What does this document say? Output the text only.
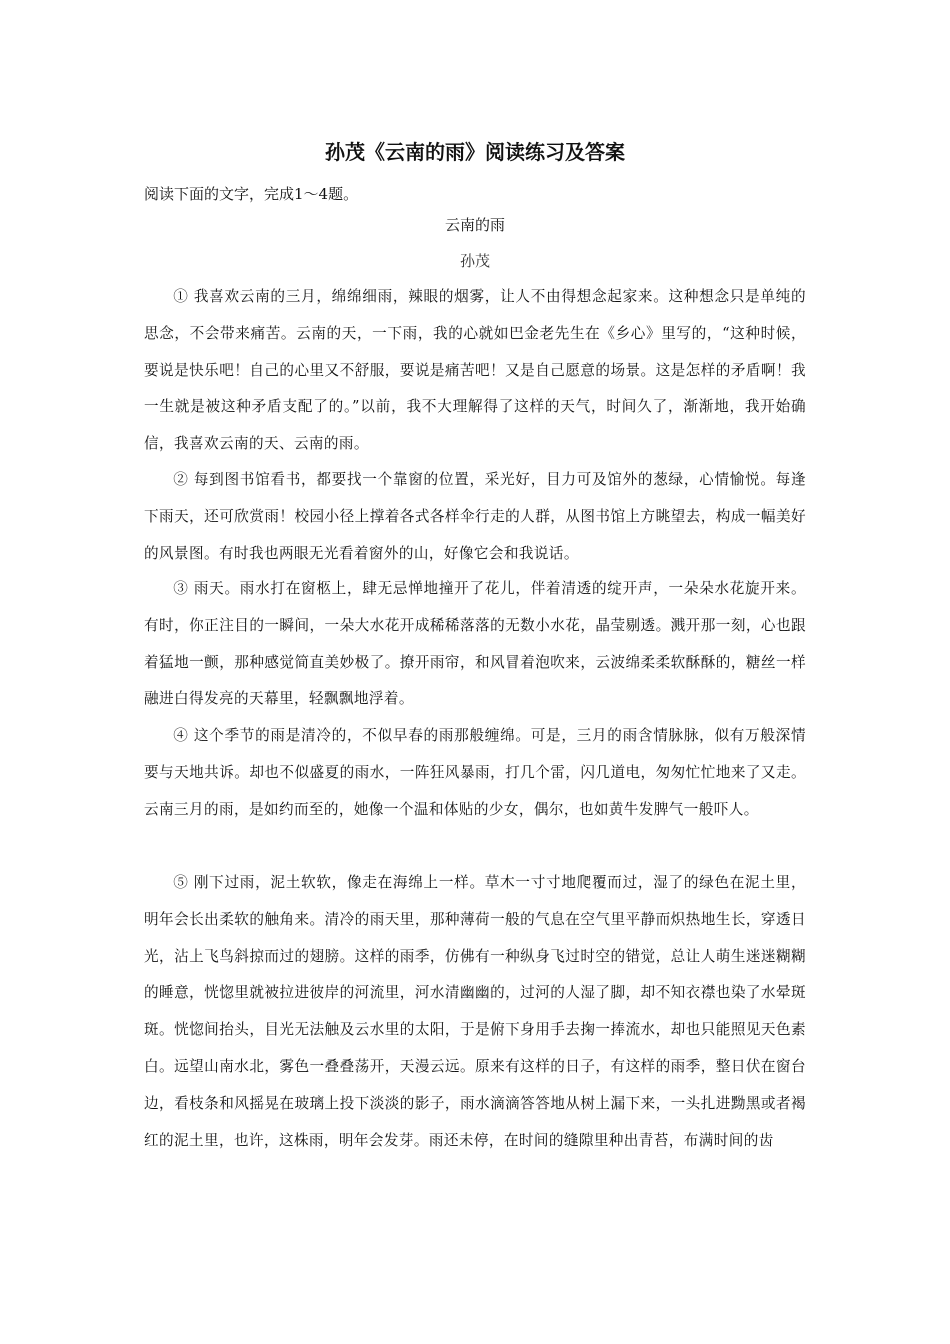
孙茂《云南的雨》阅读练习及答案
阅读下面的文字，完成1～4题。
云南的雨
孙茂

① 我喜欢云南的三月，绵绵细雨，辣眼的烟雾，让人不由得想念起家来。这种想念只是单纯的思念，不会带来痛苦。云南的天，一下雨，我的心就如巴金老先生在《乡心》里写的，“这种时候，要说是快乐吧！自己的心里又不舒服，要说是痛苦吧！又是自己愿意的场景。这是怎样的矛盾啊！我一生就是被这种矛盾支配了的。”以前，我不大理解得了这样的天气，时间久了，渐渐地，我开始确信，我喜欢云南的天、云南的雨。

② 每到图书馆看书，都要找一个靠窗的位置，采光好，目力可及馆外的葱绿，心情愉悦。每逢下雨天，还可欣赏雨！校园小径上撑着各式各样伞行走的人群，从图书馆上方眺望去，构成一幅美好的风景图。有时我也两眼无光看着窗外的山，好像它会和我说话。

③ 雨天。雨水打在窗柩上，肆无忌惮地撞开了花儿，伴着清透的绽开声，一朵朵水花旋开来。有时，你正注目的一瞬间，一朵大水花开成稀稀落落的无数小水花，晶莹剔透。溅开那一刻，心也跟着猛地一颤，那种感觉简直美妙极了。撩开雨帘，和风冒着泡吹来，云波绵柔柔软酥酥的，糖丝一样融进白得发亮的天幕里，轻飘飘地浮着。

④ 这个季节的雨是清冷的，不似早春的雨那般缠绵。可是，三月的雨含情脉脉，似有万般深情要与天地共诉。却也不似盛夏的雨水，一阵狂风暴雨，打几个雷，闪几道电，匆匆忙忙地来了又走。云南三月的雨，是如约而至的，她像一个温和体贴的少女，偶尔，也如黄牛发脾气一般吓人。

⑤ 刚下过雨，泥土软软，像走在海绵上一样。草木一寸寸地爬覆而过，湿了的绿色在泥土里，明年会长出柔软的触角来。清冷的雨天里，那种薄荷一般的气息在空气里平静而炽热地生长，穿透日光，沾上飞鸟斜掠而过的翅膀。这样的雨季，仿佛有一种纵身飞过时空的错觉，总让人萌生迷迷糊糊的睡意，恍惚里就被拉进彼岸的河流里，河水清幽幽的，过河的人湿了脚，却不知衣襟也染了水晕斑斑。恍惚间抬头，目光无法触及云水里的太阳，于是俯下身用手去掬一捧流水，却也只能照见天色素白。远望山南水北，雾色一叠叠荡开，天漫云远。原来有这样的日子，有这样的雨季，整日伏在窗台边，看枝条和风摇晃在玻璃上投下淡淡的影子，雨水滴滴答答地从树上漏下来，一头扎进黝黑或者褐红的泥土里，也许，这株雨，明年会发芽。雨还未停，在时间的缝隙里种出青苔，布满时间的齿
